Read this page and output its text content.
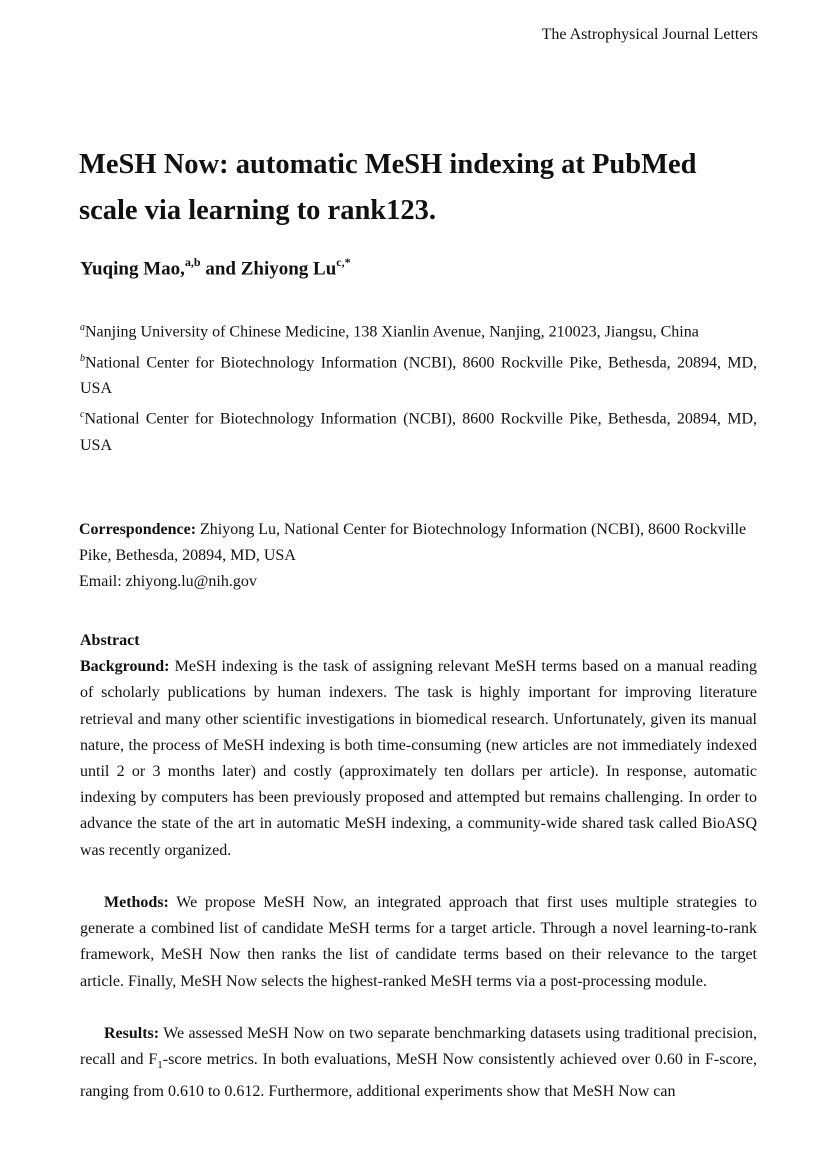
The Astrophysical Journal Letters
MeSH Now: automatic MeSH indexing at PubMed
scale via learning to rank123.
Yuqing Mao,$^{a,b}$ and Zhiyong $Lu^{c,*}$
$^a$Nanjing University of Chinese Medicine, 138 Xianlin Avenue, Nanjing, 210023, Jiangsu, China
$^b$National Center for Biotechnology Information (NCBI), 8600 Rockville Pike, Bethesda, 20894, MD, USA
$^c$National Center for Biotechnology Information (NCBI), 8600 Rockville Pike, Bethesda, 20894, MD, USA
Correspondence: Zhiyong Lu, National Center for Biotechnology Information (NCBI), 8600 Rockville Pike, Bethesda, 20894, MD, USA
Email: zhiyong.lu@nih.gov

Abstract

Background: MeSH indexing is the task of assigning relevant MeSH terms based on a manual reading of scholarly publications by human indexers. The task is highly important for improving literature retrieval and many other scientific investigations in biomedical research. Unfortunately, given its manual nature, the process of MeSH indexing is both time-consuming (new articles are not immediately indexed until 2 or 3 months later) and costly (approximately ten dollars per article). In response, automatic indexing by computers has been previously proposed and attempted but remains challenging. In order to advance the state of the art in automatic MeSH indexing, a community-wide shared task called BioASQ was recently organized.

Methods: We propose MeSH Now, an integrated approach that first uses multiple strategies to generate a combined list of candidate MeSH terms for a target article. Through a novel learning-to-rank framework, MeSH Now then ranks the list of candidate terms based on their relevance to the target article. Finally, MeSH Now selects the highest-ranked MeSH terms via a post-processing module.

Results: We assessed MeSH Now on two separate benchmarking datasets using traditional precision, recall and $F_1$-score metrics. In both evaluations, MeSH Now consistently achieved over 0.60 in F-score, ranging from 0.610 to 0.612. Furthermore, additional experiments show that MeSH Now can
